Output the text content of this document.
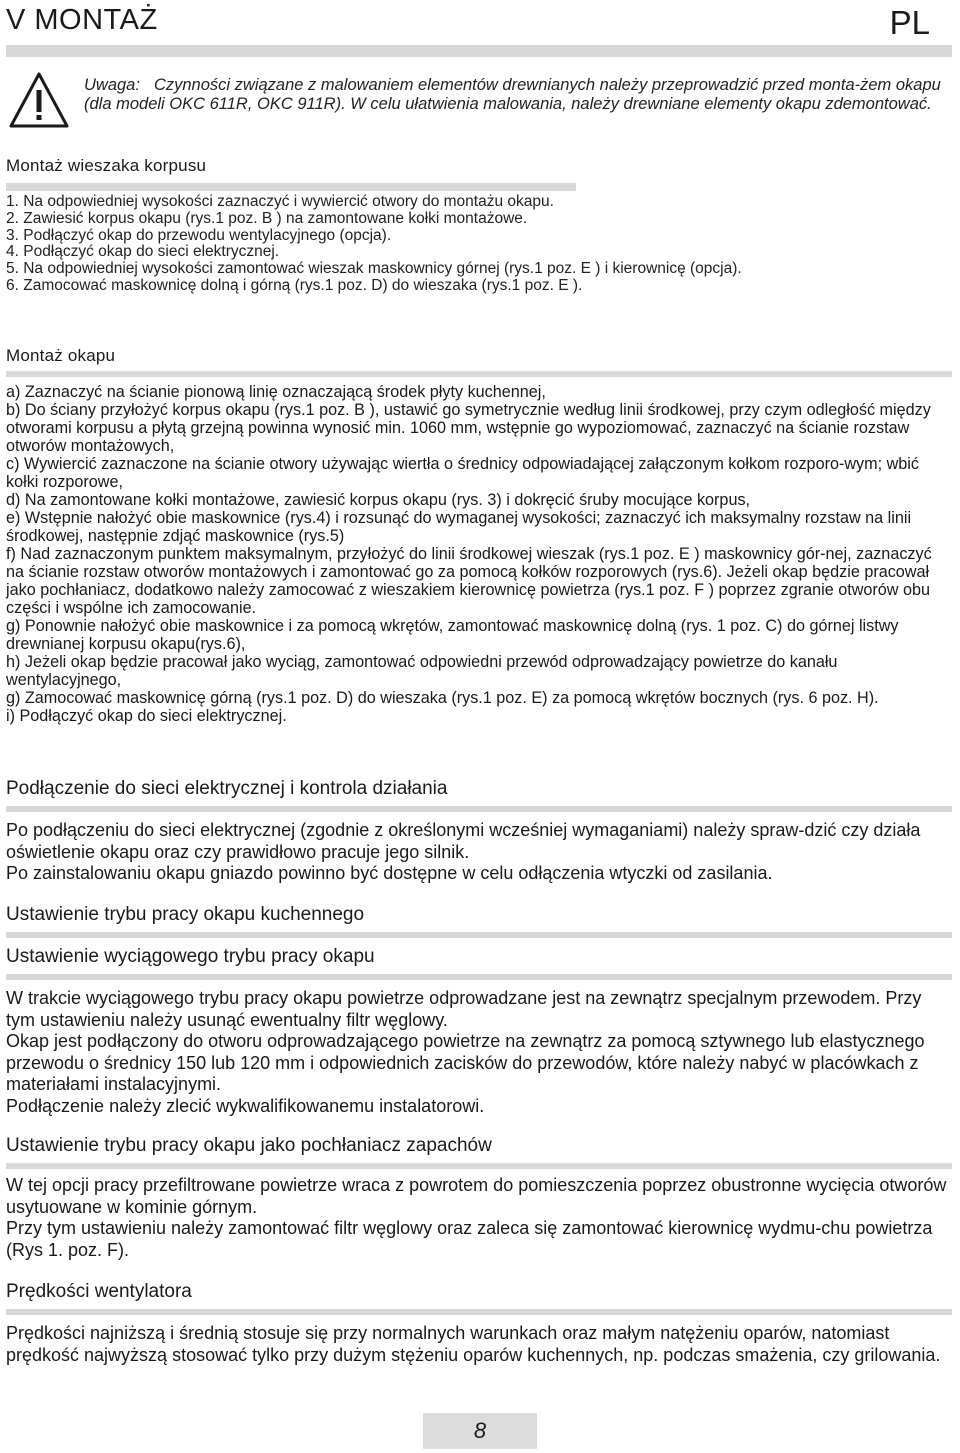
V MONTAŻ	PL
Uwaga: Czynności związane z malowaniem elementów drewnianych należy przeprowadzić przed monta-żem okapu (dla modeli OKC 611R, OKC 911R). W celu ułatwienia malowania, należy drewniane elementy okapu zdemontować.
Montaż wieszaka korpusu
1. Na odpowiedniej wysokości zaznaczyć i wywiercić otwory do montażu okapu.
2. Zawiesić korpus okapu (rys.1 poz. B ) na zamontowane kołki montażowe.
3. Podłączyć okap do przewodu wentylacyjnego (opcja).
4. Podłączyć okap do sieci elektrycznej.
5. Na odpowiedniej wysokości zamontować wieszak maskownicy górnej (rys.1 poz. E ) i kierownicę (opcja).
6. Zamocować maskownicę dolną i górną (rys.1 poz. D) do wieszaka (rys.1 poz. E ).
Montaż okapu

a) Zaznaczyć na ścianie pionową linię oznaczającą środek płyty kuchennej,

b) Do ściany przyłożyć korpus okapu (rys.1 poz. B ), ustawić go symetrycznie według linii środkowej, przy czym odległość między otworami korpusu a płytą grzejną powinna wynosić min. 1060 mm, wstępnie go wypoziomować, zaznaczyć na ścianie rozstaw otworów montażowych,

c) Wywiercić zaznaczone na ścianie otwory używając wiertła o średnicy odpowiadającej załączonym kołkom rozporo-wym; wbić kołki rozporowe,

d) Na zamontowane kołki montażowe, zawiesić korpus okapu (rys. 3) i dokręcić śruby mocujące korpus,

e) Wstępnie nałożyć obie maskownice (rys.4) i rozsunąć do wymaganej wysokości; zaznaczyć ich maksymalny rozstaw na linii środkowej, następnie zdjąć maskownice (rys.5)

f) Nad zaznaczonym punktem maksymalnym, przyłożyć do linii środkowej wieszak (rys.1 poz. E ) maskownicy gór-nej, zaznaczyć na ścianie rozstaw otworów montażowych i zamontować go za pomocą kołków rozporowych (rys.6). Jeżeli okap będzie pracował jako pochłaniacz, dodatkowo należy zamocować z wieszakiem kierownicę powietrza (rys.1 poz. F ) poprzez zgranie otworów obu części i wspólne ich zamocowanie.

g) Ponownie nałożyć obie maskownice i za pomocą wkrętów, zamontować maskownicę dolną (rys. 1 poz. C) do górnej listwy drewnianej korpusu okapu(rys.6),

h) Jeżeli okap będzie pracował jako wyciąg, zamontować odpowiedni przewód odprowadzający powietrze do kanału wentylacyjnego,

g) Zamocować maskownicę górną (rys.1 poz. D) do wieszaka (rys.1 poz. E) za pomocą wkrętów bocznych (rys. 6 poz. H).

i) Podłączyć okap do sieci elektrycznej.

Podłączenie do sieci elektrycznej i kontrola działania

Po podłączeniu do sieci elektrycznej (zgodnie z określonymi wcześniej wymaganiami) należy spraw-dzić czy działa oświetlenie okapu oraz czy prawidłowo pracuje jego silnik.

Po zainstalowaniu okapu gniazdo powinno być dostępne w celu odłączenia wtyczki od zasilania.

Ustawienie trybu pracy okapu kuchennego
Ustawienie wyciągowego trybu pracy okapu

W trakcie wyciągowego trybu pracy okapu powietrze odprowadzane jest na zewnątrz specjalnym przewodem. Przy tym ustawieniu należy usunąć ewentualny filtr węglowy.

Okap jest podłączony do otworu odprowadzającego powietrze na zewnątrz za pomocą sztywnego lub elastycznego przewodu o średnicy 150 lub 120 mm i odpowiednich zacisków do przewodów, które należy nabyć w placówkach z materiałami instalacyjnymi.

Podłączenie należy zlecić wykwalifikowanemu instalatorowi.

Ustawienie trybu pracy okapu jako pochłaniacz zapachów

W tej opcji pracy przefiltrowane powietrze wraca z powrotem do pomieszczenia poprzez obustronne wycięcia otworów usytuowane w kominie górnym.

Przy tym ustawieniu należy zamontować filtr węglowy oraz zaleca się zamontować kierownicę wydmu-chu powietrza (Rys 1. poz. F).

Prędkości wentylatora

Prędkości najniższą i średnią stosuje się przy normalnych warunkach oraz małym natężeniu oparów, natomiast prędkość najwyższą stosować tylko przy dużym stężeniu oparów kuchennych, np. podczas smażenia, czy grilowania.

8
